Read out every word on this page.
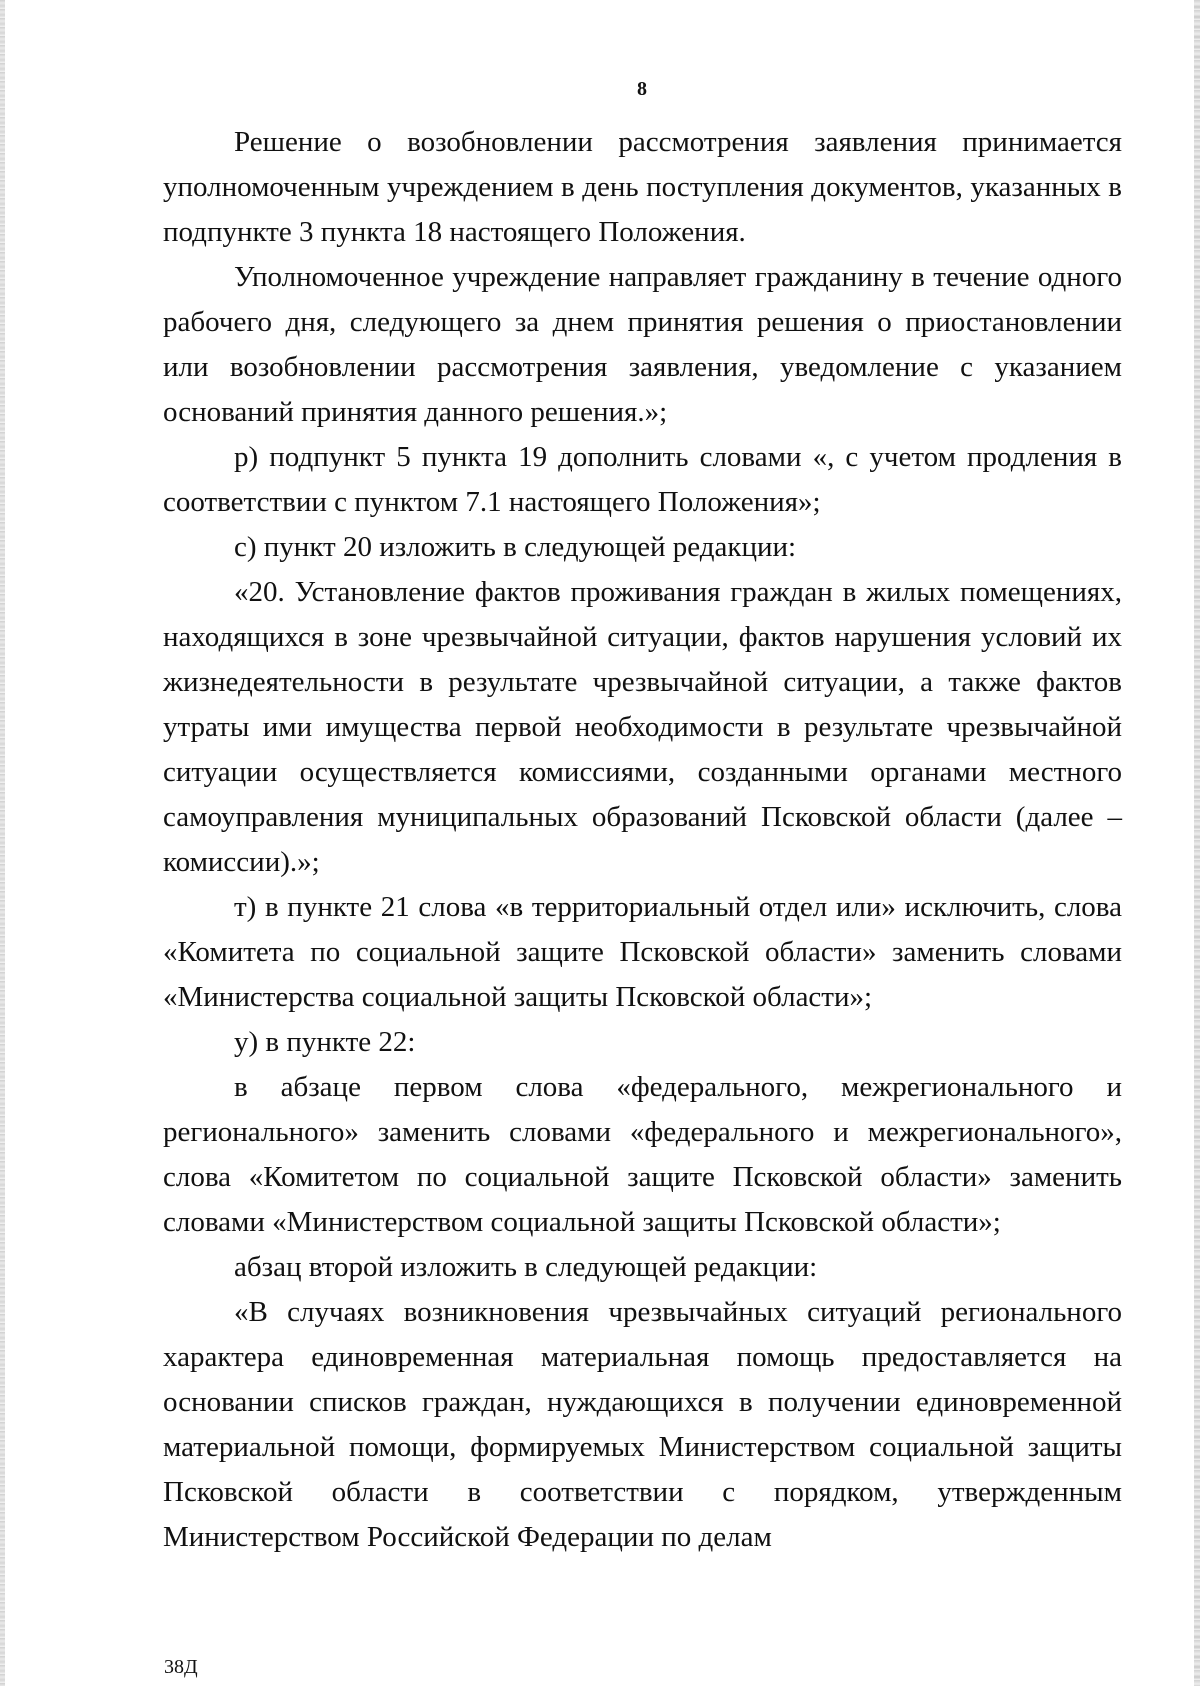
8

Решение о возобновлении рассмотрения заявления принимается уполномоченным учреждением в день поступления документов, указанных в подпункте 3 пункта 18 настоящего Положения.

Уполномоченное учреждение направляет гражданину в течение одного рабочего дня, следующего за днем принятия решения о приостановлении или возобновлении рассмотрения заявления, уведомление с указанием оснований принятия данного решения.»;

р) подпункт 5 пункта 19 дополнить словами «, с учетом продления в соответствии с пунктом 7.1 настоящего Положения»;

с) пункт 20 изложить в следующей редакции:

«20. Установление фактов проживания граждан в жилых помещениях, находящихся в зоне чрезвычайной ситуации, фактов нарушения условий их жизнедеятельности в результате чрезвычайной ситуации, а также фактов утраты ими имущества первой необходимости в результате чрезвычайной ситуации осуществляется комиссиями, созданными органами местного самоуправления муниципальных образований Псковской области (далее – комиссии).»;

т) в пункте 21 слова «в территориальный отдел или» исключить, слова «Комитета по социальной защите Псковской области» заменить словами «Министерства социальной защиты Псковской области»;

у) в пункте 22:

в абзаце первом слова «федерального, межрегионального и регионального» заменить словами «федерального и межрегионального», слова «Комитетом по социальной защите Псковской области» заменить словами «Министерством социальной защиты Псковской области»;

абзац второй изложить в следующей редакции:

«В случаях возникновения чрезвычайных ситуаций регионального характера единовременная материальная помощь предоставляется на основании списков граждан, нуждающихся в получении единовременной материальной помощи, формируемых Министерством социальной защиты Псковской области в соответствии с порядком, утвержденным Министерством Российской Федерации по делам

38Д
